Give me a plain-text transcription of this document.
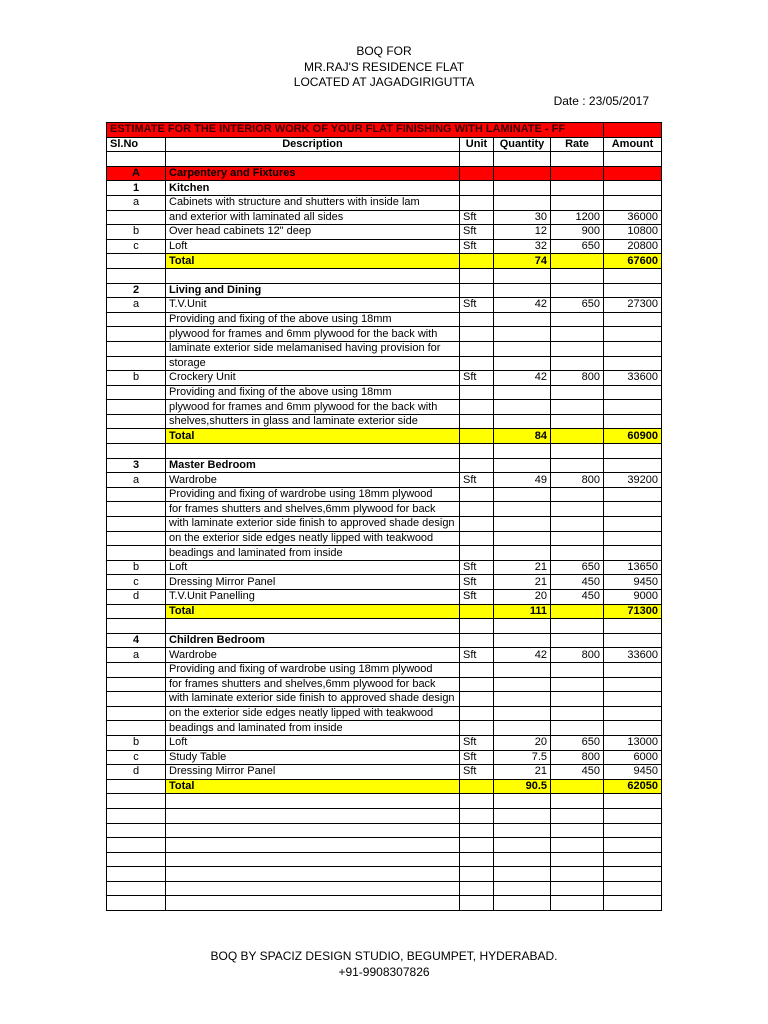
BOQ FOR
MR.RAJ'S RESIDENCE FLAT
LOCATED AT JAGADGIRIGUTTA
Date : 23/05/2017
ESTIMATE FOR THE INTERIOR WORK OF YOUR FLAT FINISHING WITH LAMINATE - FF					
Sl.No	Description	Unit	Quantity	Rate	Amount

A	Carpentery and Fixtures				
1	Kitchen				
a	Cabinets with structure and shutters with inside lam				
	and exterior with laminated all sides	Sft	30	1200	36000
b	Over head cabinets 12" deep	Sft	12	900	10800
c	Loft	Sft	32	650	20800
	Total		74		67600

2	Living and Dining				
a	T.V.Unit	Sft	42	650	27300
	Providing and fixing of the above using 18mm				
	plywood for frames and 6mm plywood for the back with				
	laminate exterior side melamanised having provision for				
	storage				
b	Crockery Unit	Sft	42	800	33600
	Providing and fixing of the above using 18mm				
	plywood for frames and 6mm plywood for the back with				
	shelves,shutters in glass and laminate exterior side				
	Total		84		60900

3	Master Bedroom				
a	Wardrobe	Sft	49	800	39200
	Providing and fixing of wardrobe using 18mm plywood				
	for frames shutters and shelves,6mm plywood for back				
	with laminate exterior side finish to approved shade design				
	on the exterior side edges neatly lipped with teakwood				
	beadings and laminated from inside				
b	Loft	Sft	21	650	13650
c	Dressing Mirror Panel	Sft	21	450	9450
d	T.V.Unit Panelling	Sft	20	450	9000
	Total		111		71300

4	Children Bedroom				
a	Wardrobe	Sft	42	800	33600
	Providing and fixing of wardrobe using 18mm plywood				
	for frames shutters and shelves,6mm plywood for back				
	with laminate exterior side finish to approved shade design				
	on the exterior side edges neatly lipped with teakwood				
	beadings and laminated from inside				
b	Loft	Sft	20	650	13000
c	Study Table	Sft	7.5	800	6000
d	Dressing Mirror Panel	Sft	21	450	9450
	Total		90.5		62050

BOQ BY SPACIZ DESIGN STUDIO, BEGUMPET, HYDERABAD.
+91-9908307826
